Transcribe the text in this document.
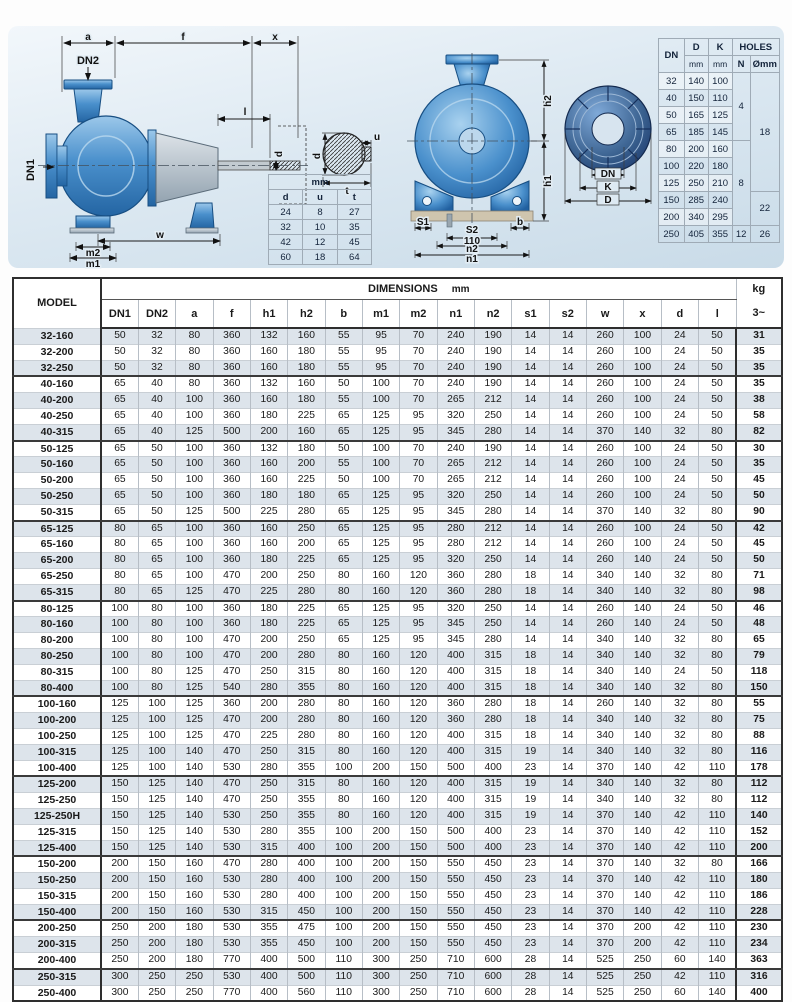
a	f	x
DN2
DN1
l
d
w
m2
m1
d
u
t
mm		
d	u	t
24	8	27
32	10	35
42	12	45
60	18	64
h2
h1
S1	b
S2
110
n2
n1
DN
K
D
DN	D	K	HOLES	
	mm	mm	N	Ømm
32	140	100	4	18
40	150	110		
50	165	125		
65	185	145		
80	200	160	8	
100	220	180		
125	250	210		
150	285	240		22
200	340	295		
250	405	355	12	26
MODEL	DIMENSIONS mm																	kg
	DN1	DN2	a	f	h1	h2	b	m1	m2	n1	n2	s1	s2	w	x	d	l	3~
32-160	50	32	80	360	132	160	55	95	70	240	190	14	14	260	100	24	50	31
32-200	50	32	80	360	160	180	55	95	70	240	190	14	14	260	100	24	50	35
32-250	50	32	80	360	160	180	55	95	70	240	190	14	14	260	100	24	50	35
40-160	65	40	80	360	132	160	50	100	70	240	190	14	14	260	100	24	50	35
40-200	65	40	100	360	160	180	55	100	70	265	212	14	14	260	100	24	50	38
40-250	65	40	100	360	180	225	65	125	95	320	250	14	14	260	100	24	50	58
40-315	65	40	125	500	200	160	65	125	95	345	280	14	14	370	140	32	80	82
50-125	65	50	100	360	132	180	50	100	70	240	190	14	14	260	100	24	50	30
50-160	65	50	100	360	160	200	55	100	70	265	212	14	14	260	100	24	50	35
50-200	65	50	100	360	160	225	50	100	70	265	212	14	14	260	100	24	50	45
50-250	65	50	100	360	180	180	65	125	95	320	250	14	14	260	100	24	50	50
50-315	65	50	125	500	225	280	65	125	95	345	280	14	14	370	140	32	80	90
65-125	80	65	100	360	160	250	65	125	95	280	212	14	14	260	100	24	50	42
65-160	80	65	100	360	160	200	65	125	95	280	212	14	14	260	100	24	50	45
65-200	80	65	100	360	180	225	65	125	95	320	250	14	14	260	140	24	50	50
65-250	80	65	100	470	200	250	80	160	120	360	280	18	14	340	140	32	80	71
65-315	80	65	125	470	225	280	80	160	120	360	280	18	14	340	140	32	80	98
80-125	100	80	100	360	180	225	65	125	95	320	250	14	14	260	140	24	50	46
80-160	100	80	100	360	180	225	65	125	95	345	250	14	14	260	140	24	50	48
80-200	100	80	100	470	200	250	65	125	95	345	280	14	14	340	140	32	80	65
80-250	100	80	100	470	200	280	80	160	120	400	315	18	14	340	140	32	80	79
80-315	100	80	125	470	250	315	80	160	120	400	315	18	14	340	140	24	50	118
80-400	100	80	125	540	280	355	80	160	120	400	315	18	14	340	140	32	80	150
100-160	125	100	125	360	200	280	80	160	120	360	280	18	14	260	140	32	80	55
100-200	125	100	125	470	200	280	80	160	120	360	280	18	14	340	140	32	80	75
100-250	125	100	125	470	225	280	80	160	120	400	315	18	14	340	140	32	80	88
100-315	125	100	140	470	250	315	80	160	120	400	315	19	14	340	140	32	80	116
100-400	125	100	140	530	280	355	100	200	150	500	400	23	14	370	140	42	110	178
125-200	150	125	140	470	250	315	80	160	120	400	315	19	14	340	140	32	80	112
125-250	150	125	140	470	250	355	80	160	120	400	315	19	14	340	140	32	80	112
125-250H	150	125	140	530	250	355	80	160	120	400	315	19	14	370	140	42	110	140
125-315	150	125	140	530	280	355	100	200	150	500	400	23	14	370	140	42	110	152
125-400	150	125	140	530	315	400	100	200	150	500	400	23	14	370	140	42	110	200
150-200	200	150	160	470	280	400	100	200	150	550	450	23	14	370	140	32	80	166
150-250	200	150	160	530	280	400	100	200	150	550	450	23	14	370	140	42	110	180
150-315	200	150	160	530	280	400	100	200	150	550	450	23	14	370	140	42	110	186
150-400	200	150	160	530	315	450	100	200	150	550	450	23	14	370	140	42	110	228
200-250	250	200	180	530	355	475	100	200	150	550	450	23	14	370	200	42	110	230
200-315	250	200	180	530	355	450	100	200	150	550	450	23	14	370	200	42	110	234
200-400	250	200	180	770	400	500	110	300	250	710	600	28	14	525	250	60	140	363
250-315	300	250	250	530	400	500	110	300	250	710	600	28	14	525	250	42	110	316
250-400	300	250	250	770	400	560	110	300	250	710	600	28	14	525	250	60	140	400
